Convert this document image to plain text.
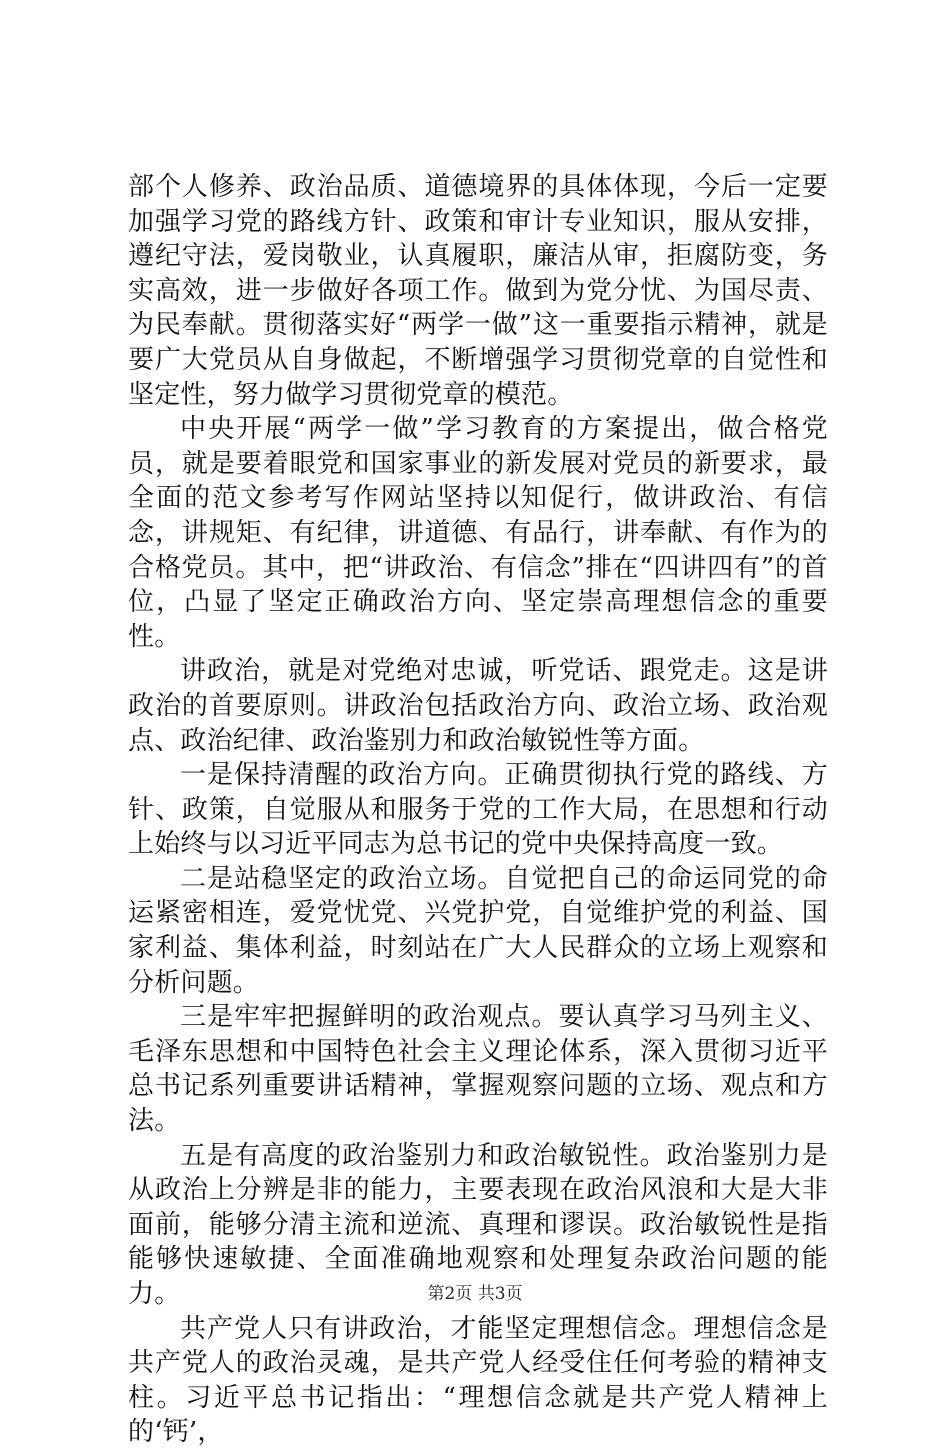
部个人修养、政治品质、道德境界的具体体现，今后一定要加强学习党的路线方针、政策和审计专业知识，服从安排，遵纪守法，爱岗敬业，认真履职，廉洁从审，拒腐防变，务实高效，进一步做好各项工作。做到为党分忧、为国尽责、为民奉献。贯彻落实好“两学一做”这一重要指示精神，就是要广大党员从自身做起，不断增强学习贯彻党章的自觉性和坚定性，努力做学习贯彻党章的模范。

中央开展“两学一做”学习教育的方案提出，做合格党员，就是要着眼党和国家事业的新发展对党员的新要求，最全面的范文参考写作网站坚持以知促行，做讲政治、有信念，讲规矩、有纪律，讲道德、有品行，讲奉献、有作为的合格党员。其中，把“讲政治、有信念”排在“四讲四有”的首位，凸显了坚定正确政治方向、坚定崇高理想信念的重要性。

讲政治，就是对党绝对忠诚，听党话、跟党走。这是讲政治的首要原则。讲政治包括政治方向、政治立场、政治观点、政治纪律、政治鉴别力和政治敏锐性等方面。

一是保持清醒的政治方向。正确贯彻执行党的路线、方针、政策，自觉服从和服务于党的工作大局，在思想和行动上始终与以习近平同志为总书记的党中央保持高度一致。

二是站稳坚定的政治立场。自觉把自己的命运同党的命运紧密相连，爱党忧党、兴党护党，自觉维护党的利益、国家利益、集体利益，时刻站在广大人民群众的立场上观察和分析问题。

三是牢牢把握鲜明的政治观点。要认真学习马列主义、毛泽东思想和中国特色社会主义理论体系，深入贯彻习近平总书记系列重要讲话精神，掌握观察问题的立场、观点和方法。

五是有高度的政治鉴别力和政治敏锐性。政治鉴别力是从政治上分辨是非的能力，主要表现在政治风浪和大是大非面前，能够分清主流和逆流、真理和谬误。政治敏锐性是指能够快速敏捷、全面准确地观察和处理复杂政治问题的能力。

共产党人只有讲政治，才能坚定理想信念。理想信念是共产党人的政治灵魂，是共产党人经受住任何考验的精神支柱。习近平总书记指出：“理想信念就是共产党人精神上的‘钙’，

第2页 共3页
